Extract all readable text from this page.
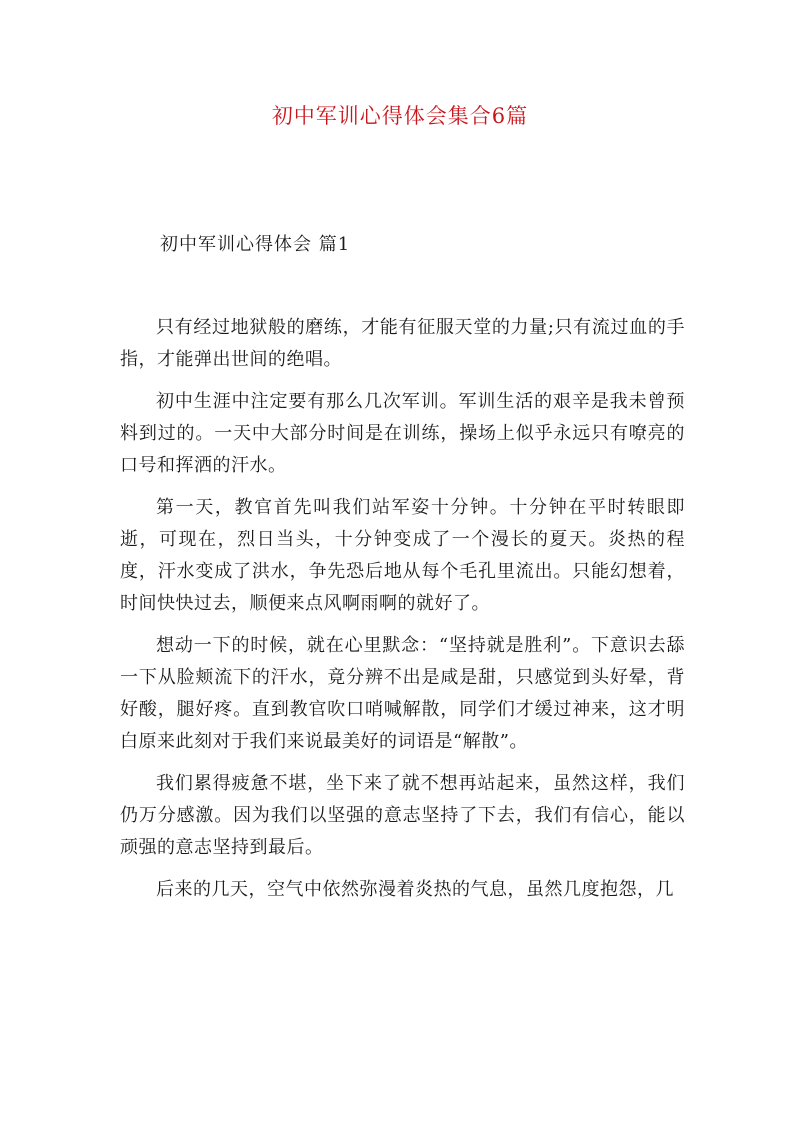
初中军训心得体会集合6篇
初中军训心得体会 篇1

只有经过地狱般的磨练，才能有征服天堂的力量;只有流过血的手指，才能弹出世间的绝唱。

初中生涯中注定要有那么几次军训。军训生活的艰辛是我未曾预料到过的。一天中大部分时间是在训练，操场上似乎永远只有嘹亮的口号和挥洒的汗水。

第一天，教官首先叫我们站军姿十分钟。十分钟在平时转眼即逝，可现在，烈日当头，十分钟变成了一个漫长的夏天。炎热的程度，汗水变成了洪水，争先恐后地从每个毛孔里流出。只能幻想着，时间快快过去，顺便来点风啊雨啊的就好了。

想动一下的时候，就在心里默念：“坚持就是胜利”。下意识去舔一下从脸颊流下的汗水，竟分辨不出是咸是甜，只感觉到头好晕，背好酸，腿好疼。直到教官吹口哨喊解散，同学们才缓过神来，这才明白原来此刻对于我们来说最美好的词语是“解散”。

我们累得疲惫不堪，坐下来了就不想再站起来，虽然这样，我们仍万分感激。因为我们以坚强的意志坚持了下去，我们有信心，能以顽强的意志坚持到最后。

后来的几天，空气中依然弥漫着炎热的气息，虽然几度抱怨，几
